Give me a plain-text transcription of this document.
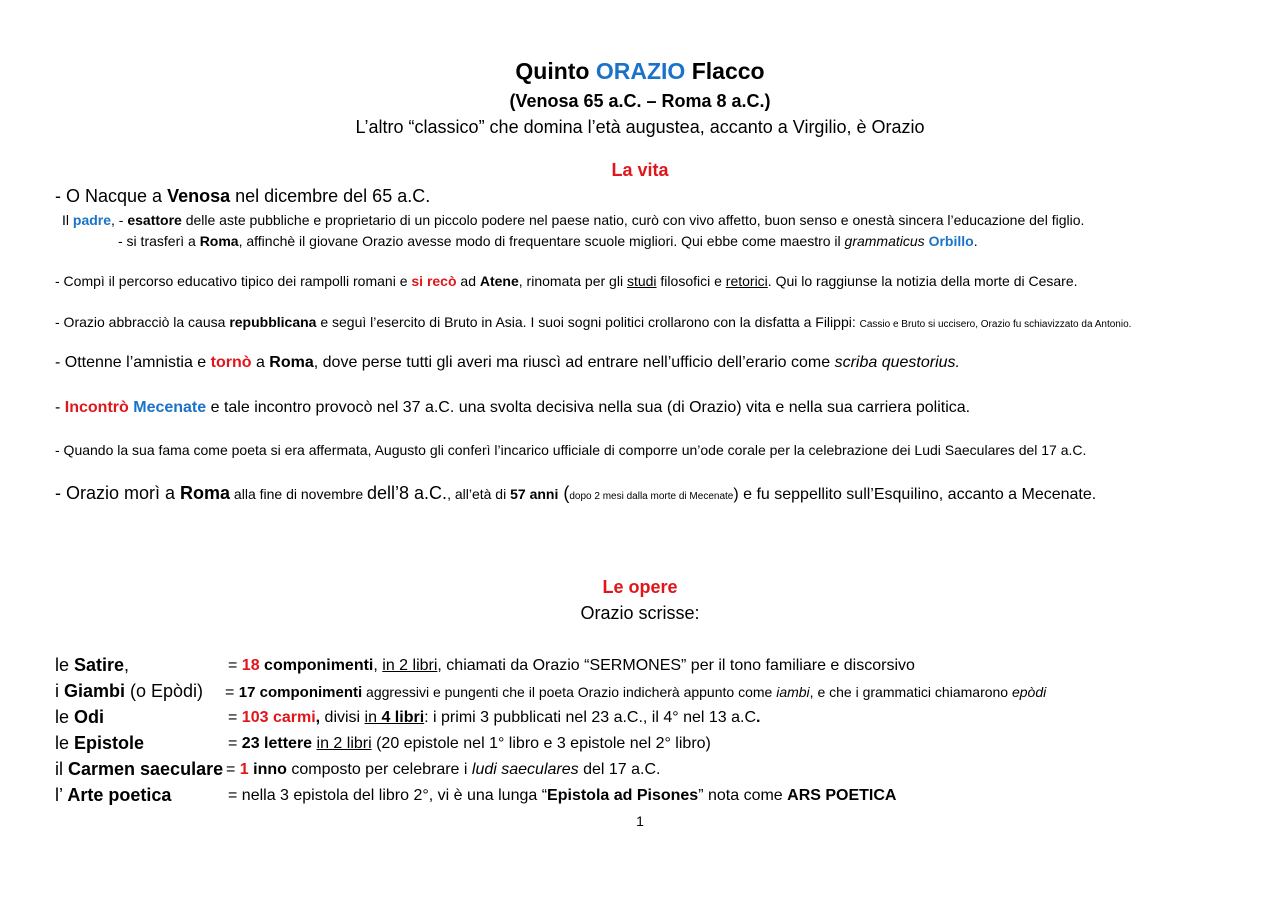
Quinto ORAZIO Flacco
(Venosa 65 a.C. – Roma 8 a.C.)
L’altro “classico” che domina l’età augustea, accanto a Virgilio, è Orazio
La vita
- O Nacque a Venosa nel dicembre del 65 a.C.
Il padre, - esattore delle aste pubbliche e proprietario di un piccolo podere nel paese natio, curò con vivo affetto, buon senso e onestà sincera l’educazione del figlio.
- si trasferì a Roma, affinchè il giovane Orazio avesse modo di frequentare scuole migliori. Qui ebbe come maestro il grammaticus Orbillo.
- Compì il percorso educativo tipico dei rampolli romani e si recò ad Atene, rinomata per gli studi filosofici e retorici. Qui lo raggiunse la notizia della morte di Cesare.
- Orazio abbracciò la causa repubblicana e seguì l’esercito di Bruto in Asia. I suoi sogni politici crollarono con la disfatta a Filippi: Cassio e Bruto si uccisero, Orazio fu schiavizzato da Antonio.
- Ottenne l’amnistia e tornò a Roma, dove perse tutti gli averi ma riuscì ad entrare nell’ufficio dell’erario come scriba questorius.
- Incontrò Mecenate e tale incontro provocò nel 37 a.C. una svolta decisiva nella sua (di Orazio) vita e nella sua carriera politica.
- Quando la sua fama come poeta si era affermata, Augusto gli conferì l’incarico ufficiale di comporre un’ode corale per la celebrazione dei Ludi Saeculares del 17 a.C.
- Orazio morì a Roma alla fine di novembre dell’8 a.C., all’età di 57 anni (dopo 2 mesi dalla morte di Mecenate) e fu seppellito sull’Esquilino, accanto a Mecenate.
Le opere
Orazio scrisse:
le Satire,	= 18 componimenti, in 2 libri, chiamati da Orazio “SERMONES” per il tono familiare e discorsivo
i Giambi (o Epòdi) = 17 componimenti aggressivi e pungenti che il poeta Orazio indicherà appunto come iambi, e che i grammatici chiamarono epòdi
le Odi	= 103 carmi, divisi in 4 libri: i primi 3 pubblicati nel 23 a.C., il 4° nel 13 a.C.
le Epistole	= 23 lettere in 2 libri (20 epistole nel 1° libro e 3 epistole nel 2° libro)
il Carmen saeculare = 1 inno composto per celebrare i ludi saeculares del 17 a.C.
l’ Arte poetica	= nella 3 epistola del libro 2°, vi è una lunga “Epistola ad Pisones” nota come ARS POETICA
1
